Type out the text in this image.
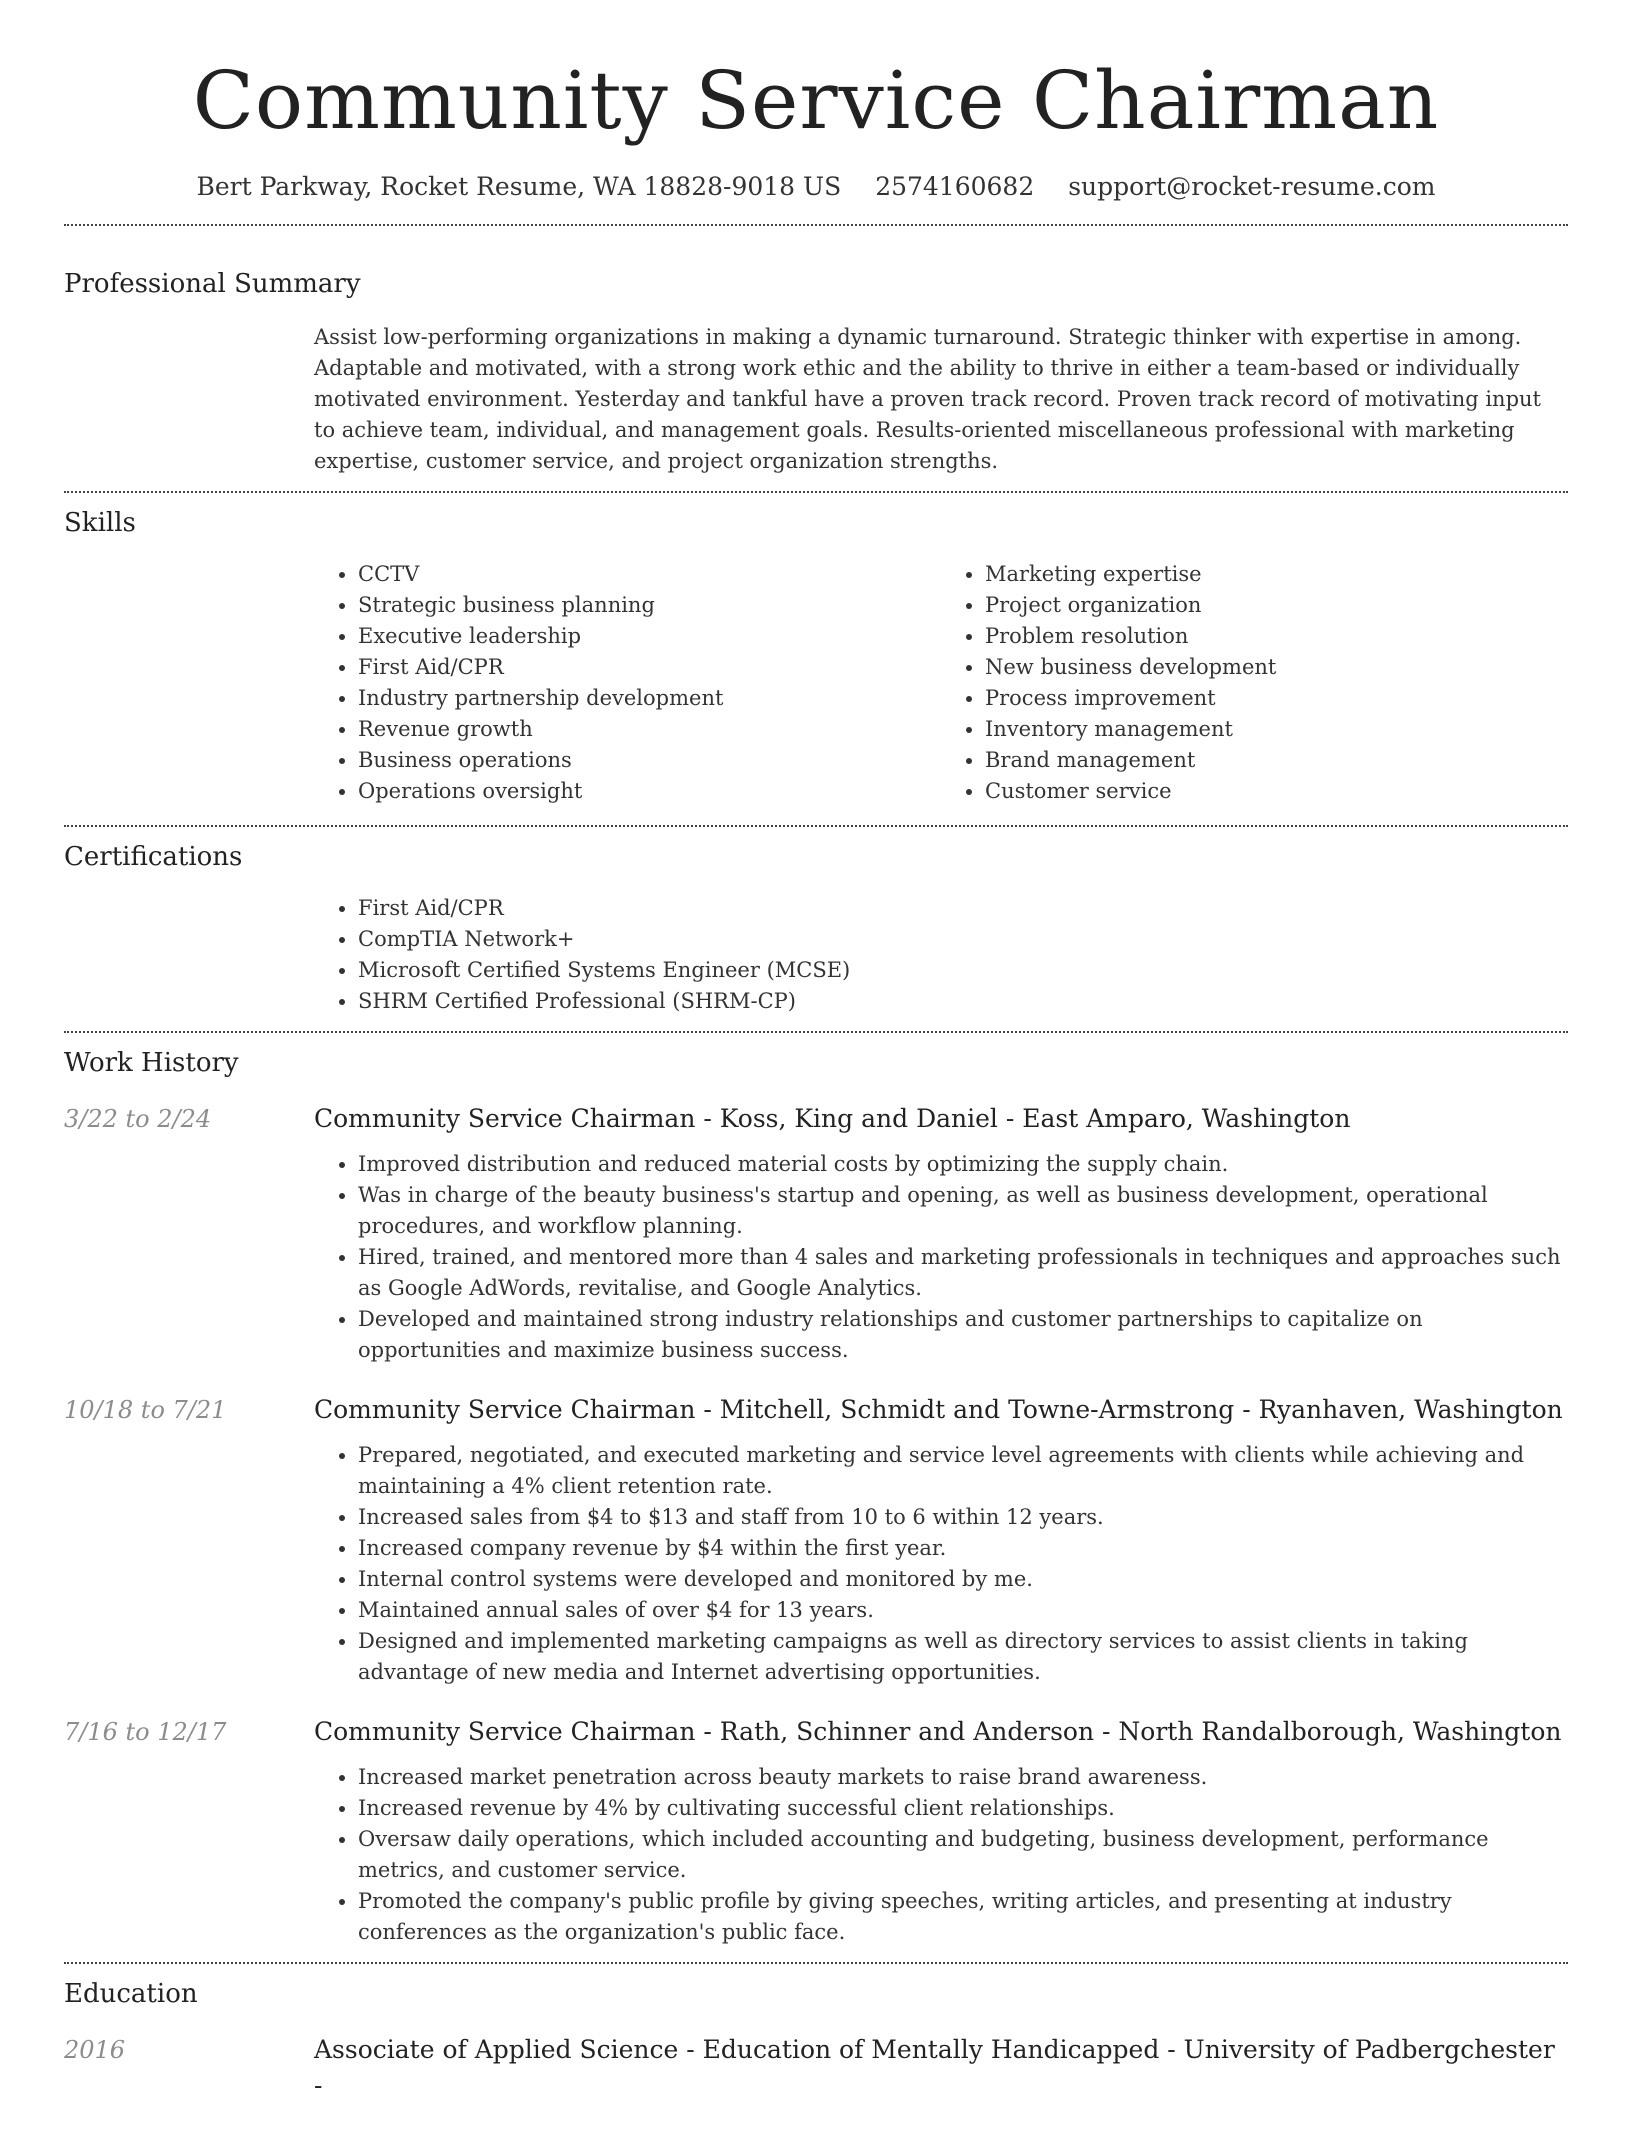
Community Service Chairman
Bert Parkway, Rocket Resume, WA 18828-9018 US 2574160682 support@rocket-resume.com
Professional Summary
Assist low-performing organizations in making a dynamic turnaround. Strategic thinker with expertise in among. Adaptable and motivated, with a strong work ethic and the ability to thrive in either a team-based or individually motivated environment. Yesterday and tankful have a proven track record. Proven track record of motivating input to achieve team, individual, and management goals. Results-oriented miscellaneous professional with marketing expertise, customer service, and project organization strengths.
Skills
• CCTV
• Strategic business planning
• Executive leadership
• First Aid/CPR
• Industry partnership development
• Revenue growth
• Business operations
• Operations oversight
• Marketing expertise
• Project organization
• Problem resolution
• New business development
• Process improvement
• Inventory management
• Brand management
• Customer service
Certifications
• First Aid/CPR
• CompTIA Network+
• Microsoft Certified Systems Engineer (MCSE)
• SHRM Certified Professional (SHRM-CP)
Work History
3/22 to 2/24	Community Service Chairman - Koss, King and Daniel - East Amparo, Washington
• Improved distribution and reduced material costs by optimizing the supply chain.
• Was in charge of the beauty business's startup and opening, as well as business development, operational procedures, and workflow planning.
• Hired, trained, and mentored more than 4 sales and marketing professionals in techniques and approaches such as Google AdWords, revitalise, and Google Analytics.
• Developed and maintained strong industry relationships and customer partnerships to capitalize on opportunities and maximize business success.
10/18 to 7/21	Community Service Chairman - Mitchell, Schmidt and Towne-Armstrong - Ryanhaven, Washington
• Prepared, negotiated, and executed marketing and service level agreements with clients while achieving and maintaining a 4% client retention rate.
• Increased sales from $4 to $13 and staff from 10 to 6 within 12 years.
• Increased company revenue by $4 within the first year.
• Internal control systems were developed and monitored by me.
• Maintained annual sales of over $4 for 13 years.
• Designed and implemented marketing campaigns as well as directory services to assist clients in taking advantage of new media and Internet advertising opportunities.
7/16 to 12/17	Community Service Chairman - Rath, Schinner and Anderson - North Randalborough, Washington
• Increased market penetration across beauty markets to raise brand awareness.
• Increased revenue by 4% by cultivating successful client relationships.
• Oversaw daily operations, which included accounting and budgeting, business development, performance metrics, and customer service.
• Promoted the company's public profile by giving speeches, writing articles, and presenting at industry conferences as the organization's public face.
Education
2016	Associate of Applied Science - Education of Mentally Handicapped - University of Padbergchester -
